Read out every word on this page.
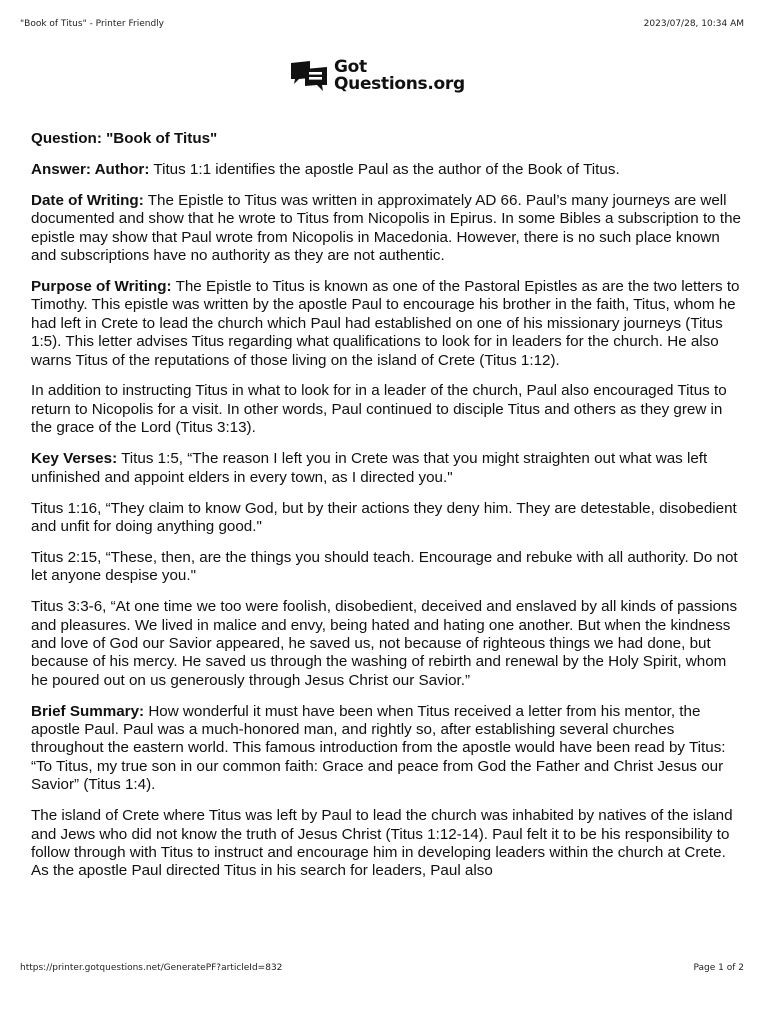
"Book of Titus" - Printer Friendly	2023/07/28, 10:34 AM
Got
Questions.org

Question: "Book of Titus"

Answer: Author: Titus 1:1 identifies the apostle Paul as the author of the Book of Titus.

Date of Writing: The Epistle to Titus was written in approximately AD 66. Paul’s many journeys are well documented and show that he wrote to Titus from Nicopolis in Epirus. In some Bibles a subscription to the epistle may show that Paul wrote from Nicopolis in Macedonia. However, there is no such place known and subscriptions have no authority as they are not authentic.

Purpose of Writing: The Epistle to Titus is known as one of the Pastoral Epistles as are the two letters to Timothy. This epistle was written by the apostle Paul to encourage his brother in the faith, Titus, whom he had left in Crete to lead the church which Paul had established on one of his missionary journeys (Titus 1:5). This letter advises Titus regarding what qualifications to look for in leaders for the church. He also warns Titus of the reputations of those living on the island of Crete (Titus 1:12).

In addition to instructing Titus in what to look for in a leader of the church, Paul also encouraged Titus to return to Nicopolis for a visit. In other words, Paul continued to disciple Titus and others as they grew in the grace of the Lord (Titus 3:13).

Key Verses: Titus 1:5, “The reason I left you in Crete was that you might straighten out what was left unfinished and appoint elders in every town, as I directed you."

Titus 1:16, “They claim to know God, but by their actions they deny him. They are detestable, disobedient and unfit for doing anything good."

Titus 2:15, “These, then, are the things you should teach. Encourage and rebuke with all authority. Do not let anyone despise you."

Titus 3:3-6, “At one time we too were foolish, disobedient, deceived and enslaved by all kinds of passions and pleasures. We lived in malice and envy, being hated and hating one another. But when the kindness and love of God our Savior appeared, he saved us, not because of righteous things we had done, but because of his mercy. He saved us through the washing of rebirth and renewal by the Holy Spirit, whom he poured out on us generously through Jesus Christ our Savior.”

Brief Summary: How wonderful it must have been when Titus received a letter from his mentor, the apostle Paul. Paul was a much-honored man, and rightly so, after establishing several churches throughout the eastern world. This famous introduction from the apostle would have been read by Titus: “To Titus, my true son in our common faith: Grace and peace from God the Father and Christ Jesus our Savior” (Titus 1:4).

The island of Crete where Titus was left by Paul to lead the church was inhabited by natives of the island and Jews who did not know the truth of Jesus Christ (Titus 1:12-14). Paul felt it to be his responsibility to follow through with Titus to instruct and encourage him in developing leaders within the church at Crete. As the apostle Paul directed Titus in his search for leaders, Paul also

https://printer.gotquestions.net/GeneratePF?articleId=832	Page 1 of 2
